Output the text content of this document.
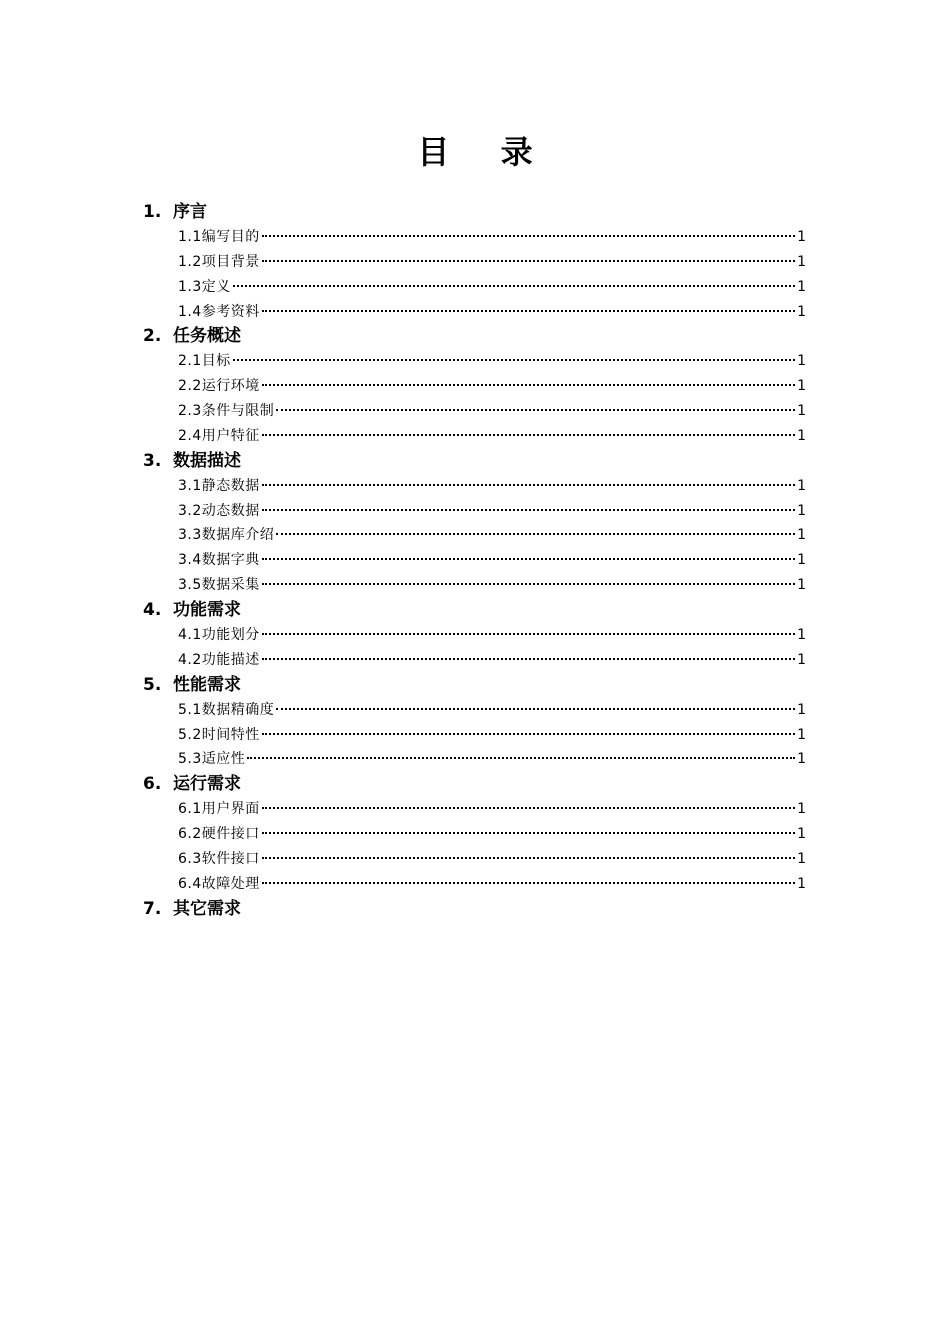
目 录
1. 序言
1.1编写目的	1
1.2项目背景	1
1.3定义	1
1.4参考资料	1
2. 任务概述
2.1目标	1
2.2运行环境	1
2.3条件与限制	1
2.4用户特征	1
3. 数据描述
3.1静态数据	1
3.2动态数据	1
3.3数据库介绍	1
3.4数据字典	1
3.5数据采集	1
4. 功能需求
4.1功能划分	1
4.2功能描述	1
5. 性能需求
5.1数据精确度	1
5.2时间特性	1
5.3适应性	1
6. 运行需求
6.1用户界面	1
6.2硬件接口	1
6.3软件接口	1
6.4故障处理	1
7. 其它需求
